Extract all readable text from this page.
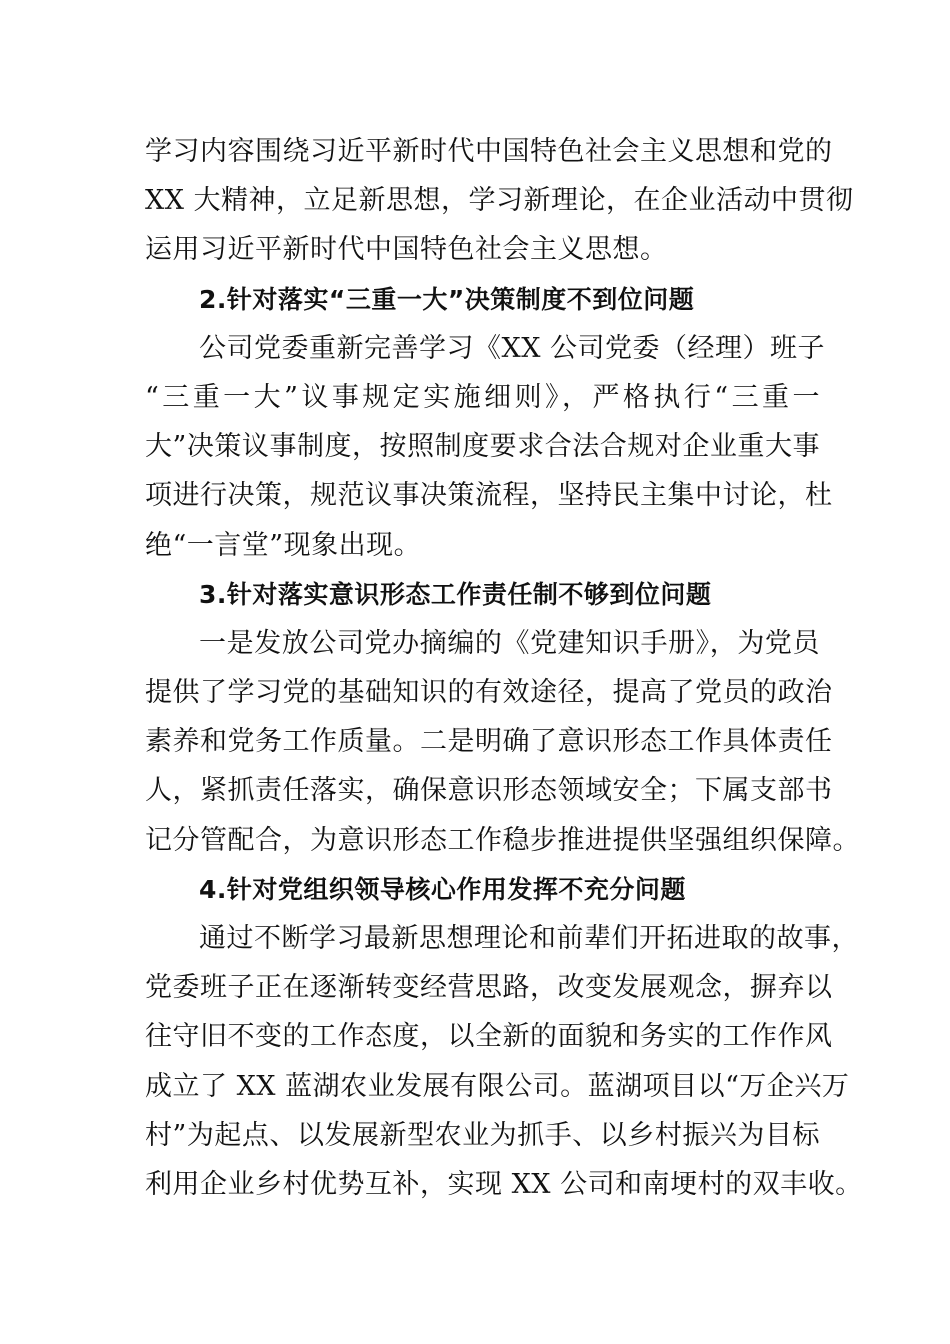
学习内容围绕习近平新时代中国特色社会主义思想和党的
XX 大精神，立足新思想，学习新理论，在企业活动中贯彻
运用习近平新时代中国特色社会主义思想。
2.针对落实“三重一大”决策制度不到位问题
公司党委重新完善学习《XX 公司党委（经理）班子
“三重一大”议事规定实施细则》，严格执行“三重一
大”决策议事制度，按照制度要求合法合规对企业重大事
项进行决策，规范议事决策流程，坚持民主集中讨论，杜
绝“一言堂”现象出现。
3.针对落实意识形态工作责任制不够到位问题
一是发放公司党办摘编的《党建知识手册》，为党员
提供了学习党的基础知识的有效途径，提高了党员的政治
素养和党务工作质量。二是明确了意识形态工作具体责任
人，紧抓责任落实，确保意识形态领域安全；下属支部书
记分管配合，为意识形态工作稳步推进提供坚强组织保障。
4.针对党组织领导核心作用发挥不充分问题
通过不断学习最新思想理论和前辈们开拓进取的故事，
党委班子正在逐渐转变经营思路，改变发展观念，摒弃以
往守旧不变的工作态度，以全新的面貌和务实的工作作风
成立了 XX 蓝湖农业发展有限公司。蓝湖项目以“万企兴万
村”为起点、以发展新型农业为抓手、以乡村振兴为目标
利用企业乡村优势互补，实现 XX 公司和南埂村的双丰收。
